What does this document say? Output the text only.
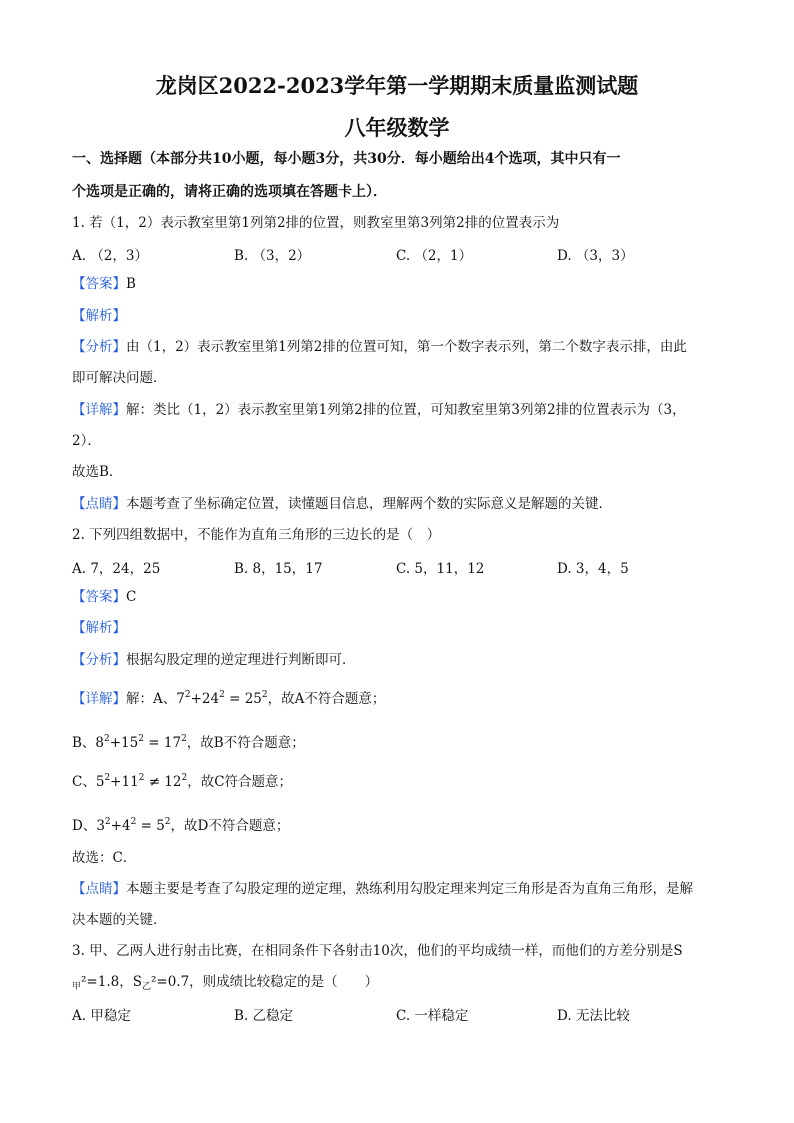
龙岗区2022-2023学年第一学期期末质量监测试题
八年级数学
一、选择题（本部分共10小题，每小题3分，共30分．每小题给出4个选项，其中只有一
个选项是正确的，请将正确的选项填在答题卡上）．
1. 若（1，2）表示教室里第1列第2排的位置，则教室里第3列第2排的位置表示为
A. （2，3）	B. （3，2）	C. （2，1）	D. （3，3）
【答案】B
【解析】
【分析】由（1，2）表示教室里第1列第2排的位置可知，第一个数字表示列，第二个数字表示排，由此
即可解决问题．
【详解】解：类比（1，2）表示教室里第1列第2排的位置，可知教室里第3列第2排的位置表示为（3，
2）．
故选B．
【点睛】本题考查了坐标确定位置，读懂题目信息，理解两个数的实际意义是解题的关键．
2. 下列四组数据中，不能作为直角三角形的三边长的是（　）
A. 7，24，25	B. 8，15，17	C. 5，11，12	D. 3，4，5
【答案】C
【解析】
【分析】根据勾股定理的逆定理进行判断即可．
【详解】解：A、$7^2+24^2 = 25^2$，故A不符合题意；
B、$8^2+15^2 = 17^2$，故B不符合题意；
C、$5^2+11^2 \ne 12^2$，故C符合题意；
D、$3^2+4^2 = 5^2$，故D不符合题意；
故选：C．
【点睛】本题主要是考查了勾股定理的逆定理，熟练利用勾股定理来判定三角形是否为直角三角形，是解
决本题的关键．
3. 甲、乙两人进行射击比赛，在相同条件下各射击10次，他们的平均成绩一样，而他们的方差分别是S
$_甲$²=1.8，$S_乙^2=0.7$，则成绩比较稳定的是（　　）
A. 甲稳定	B. 乙稳定	C. 一样稳定	D. 无法比较
